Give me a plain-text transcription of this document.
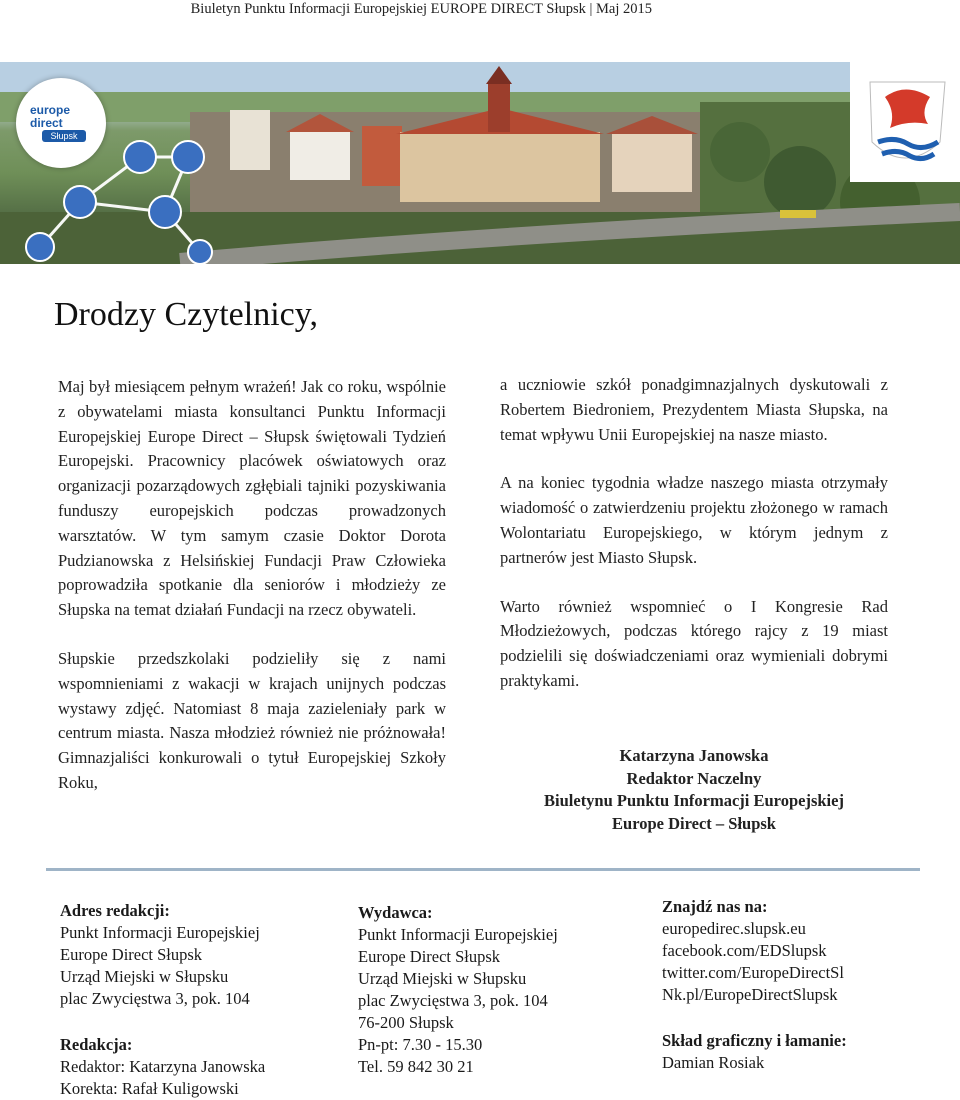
Biuletyn Punktu Informacji Europejskiej EUROPE DIRECT Słupsk | Maj 2015
europe
direct
Słupsk
Drodzy Czytelnicy,

Maj był miesiącem pełnym wrażeń! Jak co roku, wspólnie z obywatelami miasta konsultanci Punktu Informacji Europejskiej Europe Direct – Słupsk świętowali Tydzień Europejski. Pracownicy placówek oświatowych oraz organizacji pozarządowych zgłębiali tajniki pozyskiwania funduszy europejskich podczas prowadzonych warsztatów. W tym samym czasie Doktor Dorota Pudzianowska z Helsińskiej Fundacji Praw Człowieka poprowadziła spotkanie dla seniorów i młodzieży ze Słupska na temat działań Fundacji na rzecz obywateli.

Słupskie przedszkolaki podzieliły się z nami wspomnieniami z wakacji w krajach unijnych podczas wystawy zdjęć. Natomiast 8 maja zazieleniały park w centrum miasta. Nasza młodzież również nie próżnowała! Gimnazjaliści konkurowali o tytuł Europejskiej Szkoły Roku,

a uczniowie szkół ponadgimnazjalnych dyskutowali z Robertem Biedroniem, Prezydentem Miasta Słupska, na temat wpływu Unii Europejskiej na nasze miasto.

A na koniec tygodnia władze naszego miasta otrzymały wiadomość o zatwierdzeniu projektu złożonego w ramach Wolontariatu Europejskiego, w którym jednym z partnerów jest Miasto Słupsk.

Warto również wspomnieć o I Kongresie Rad Młodzieżowych, podczas którego rajcy z 19 miast podzielili się doświadczeniami oraz wymieniali dobrymi praktykami.

Katarzyna Janowska
Redaktor Naczelny
Biuletynu Punktu Informacji Europejskiej
Europe Direct – Słupsk
Adres redakcji:
Punkt Informacji Europejskiej
Europe Direct Słupsk
Urząd Miejski w Słupsku
plac Zwycięstwa 3, pok. 104
Redakcja:
Redaktor: Katarzyna Janowska
Korekta: Rafał Kuligowski
Wydawca:
Punkt Informacji Europejskiej
Europe Direct Słupsk
Urząd Miejski w Słupsku
plac Zwycięstwa 3, pok. 104
76-200 Słupsk
Pn-pt: 7.30 - 15.30
Tel. 59 842 30 21
Znajdź nas na:
europedirec.slupsk.eu
facebook.com/EDSlupsk
twitter.com/EuropeDirectSl
Nk.pl/EuropeDirectSlupsk
Skład graficzny i łamanie:
Damian Rosiak
